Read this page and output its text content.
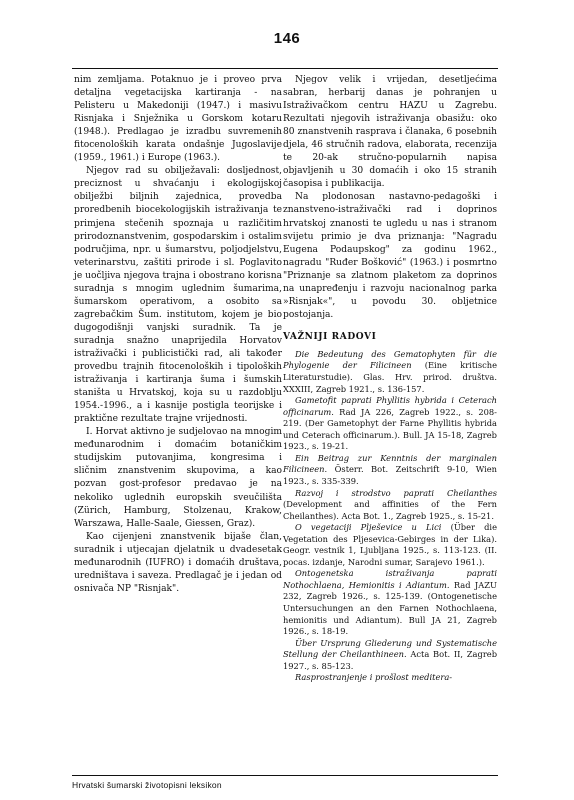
146

nim zemljama. Potaknuo je i proveo prva detaljna vegetacijska kartiranja - na Pelisteru u Makedoniji (1947.) i masivu Risnjaka i Snježnika u Gorskom kotaru (1948.). Predlagao je izradbu suvremenih fitocenoloških karata ondašnje Jugoslavije (1959., 1961.) i Europe (1963.).

Njegov rad su obilježavali: dosljednost, preciznost u shvaćanju i ekologijskoj obilježbi biljnih zajednica, provedba proredbenih biocekologijskih istraživanja te primjena stečenih spoznaja u različitim prirodoznanstvenim, gospodarskim i ostalim područjima, npr. u šumarstvu, poljodjelstvu, veterinarstvu, zaštiti prirode i sl. Poglavito je uočljiva njegova trajna i obostrano korisna suradnja s mnogim uglednim šumarima, šumarskom operativom, a osobito sa zagrebačkim Šum. institutom, kojem je bio dugogodišnji vanjski suradnik. Ta je suradnja snažno unaprijedila Horvatov istraživački i publicistički rad, ali također provedbu trajnih fitocenoloških i tipoloških istraživanja i kartiranja šuma i šumskih staništa u Hrvatskoj, koja su u razdoblju 1954.-1996., a i kasnije postigla teorijske i praktične rezultate trajne vrijednosti.

I. Horvat aktivno je sudjelovao na mnogim međunarodnim i domaćim botaničkim studijskim putovanjima, kongresima i sličnim znanstvenim skupovima, a kao pozvan gost-profesor predavao je na nekoliko uglednih europskih sveučilišta (Zürich, Hamburg, Stolzenau, Krakow, Warszawa, Halle-Saale, Giessen, Graz).

Kao cijenjeni znanstvenik bijaše član, suradnik i utjecajan djelatnik u dvadesetak međunarodnih (IUFRO) i domaćih društava, uredništava i saveza. Predlagač je i jedan od osnivača NP "Risnjak".

Njegov velik i vrijedan, desetljećima sabran, herbarij danas je pohranjen u Istraživačkom centru HAZU u Zagrebu. Rezultati njegovih istraživanja obasižu: oko 80 znanstvenih rasprava i članaka, 6 posebnih djela, 46 stručnih radova, elaborata, recenzija te 20-ak stručno-popularnih napisa objavljenih u 30 domaćih i oko 15 stranih časopisa i publikacija.

Na plodonosan nastavno-pedagoški i znanstveno-istraživački rad i doprinos hrvatskoj znanosti te ugledu u nas i stranom svijetu primio je dva priznanja: "Nagradu Eugena Podaupskog" za godinu 1962., nagradu "Ruđer Bošković" (1963.) i posmrtno "Priznanje sa zlatnom plaketom za doprinos na unapređenju i razvoju nacionalnog parka »Risnjak«", u povodu 30. obljetnice postojanja.

VAŽNIJI RADOVI

Die Bedeutung des Gematophyten für die Phylogenie der Filicineen (Eine kritische Literaturstudie). Glas. Hrv. prirod. društva. XXXIII, Zagreb 1921., s. 136-157.

Gametofit paprati Phyllitis hybrida i Ceterach officinarum. Rad JA 226, Zagreb 1922., s. 208-219. (Der Gametophyt der Farne Phyllitis hybrida und Ceterach officinarum.). Bull. JA 15-18, Zagreb 1923., s. 19-21.

Ein Beitrag zur Kenntnis der marginalen Filicineen. Österr. Bot. Zeitschrift 9-10, Wien 1923., s. 335-339.

Razvoj i strodstvo paprati Cheilanthes (Development and affinities of the Fern Cheilanthes). Acta Bot. 1., Zagreb 1925., s. 15-21.

O vegetaciji Plješevice u Lici (Über die Vegetation des Pljesevica-Gebirges in der Lika). Geogr. vestnik 1, Ljubljana 1925., s. 113-123. (II. pocas. izdanje, Narodni sumar, Sarajevo 1961.).

Ontogenetska istraživanja paprati Nothochlaena, Hemionitis i Adiantum. Rad JAZU 232, Zagreb 1926., s. 125-139. (Ontogenetische Untersuchungen an den Farnen Nothochlaena, hemionitis und Adiantum). Bull JA 21, Zagreb 1926., s. 18-19.

Über Ursprung Gliederung und Systematische Stellung der Cheilanthineen. Acta Bot. II, Zagreb 1927., s. 85-123.

Rasprostranjenje i prošlost meditera-

Hrvatski šumarski životopisni leksikon
